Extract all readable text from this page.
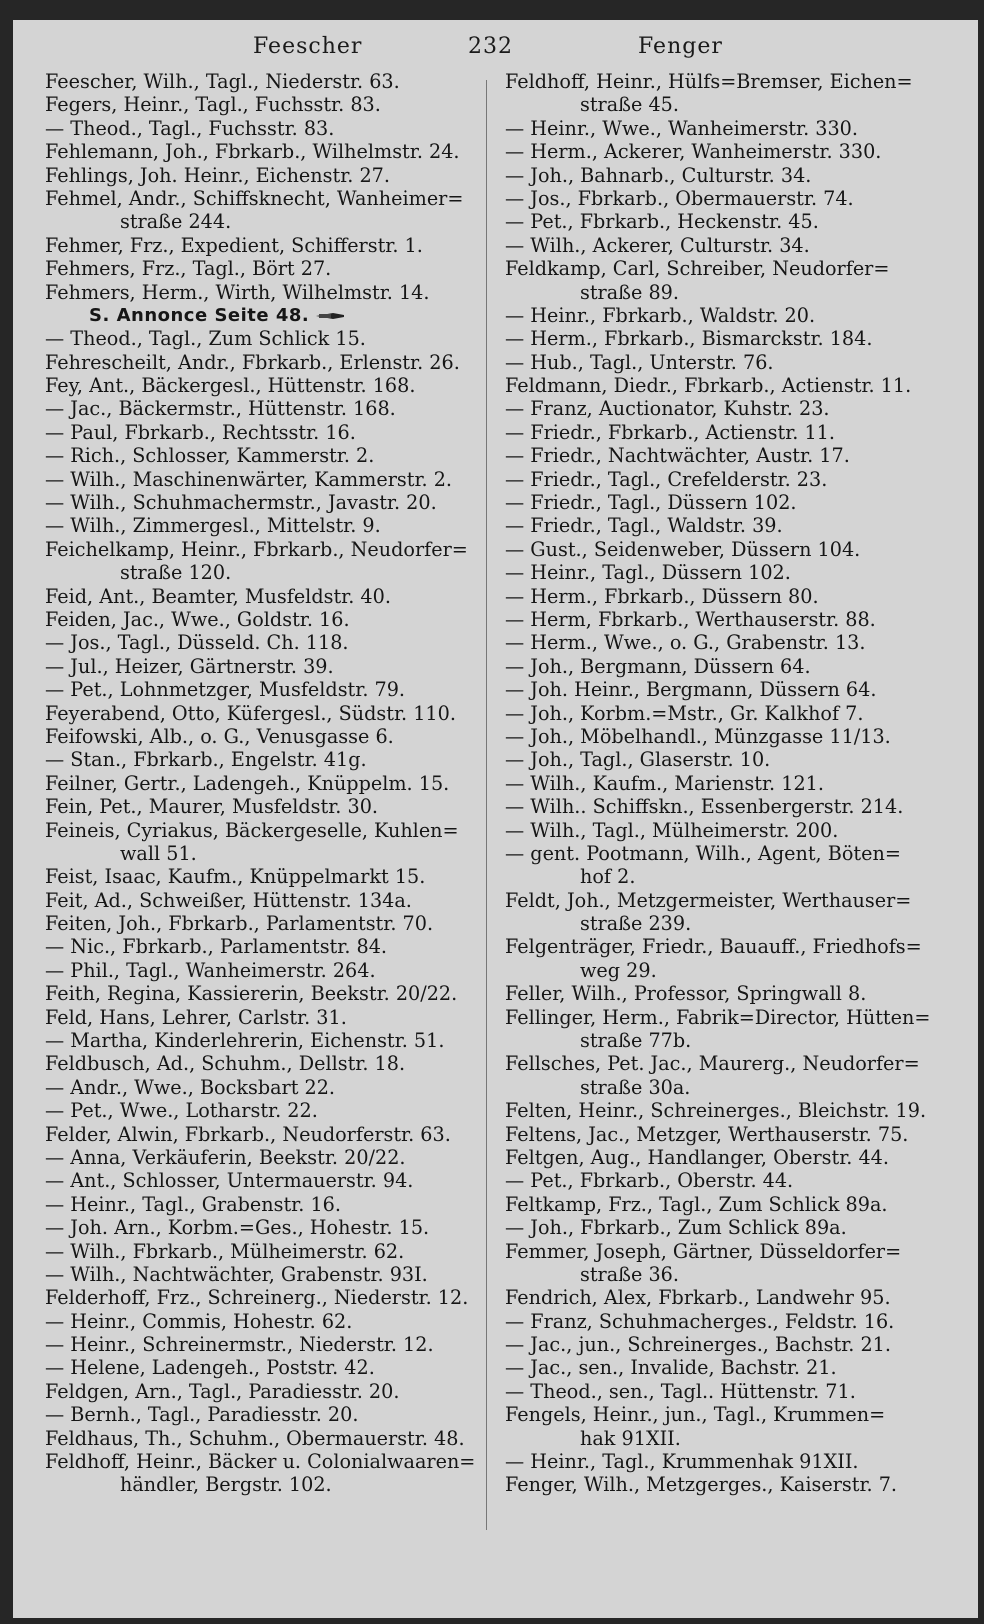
Feescher	232	Fenger
Feescher, Wilh., Tagl., Niederstr. 63.
Fegers, Heinr., Tagl., Fuchsstr. 83.
— Theod., Tagl., Fuchsstr. 83.
Fehlemann, Joh., Fbrkarb., Wilhelmstr. 24.
Fehlings, Joh. Heinr., Eichenstr. 27.
Fehmel, Andr., Schiffsknecht, Wanheimer=
straße 244.
Fehmer, Frz., Expedient, Schifferstr. 1.
Fehmers, Frz., Tagl., Bört 27.
Fehmers, Herm., Wirth, Wilhelmstr. 14.
S. Annonce Seite 48.
— Theod., Tagl., Zum Schlick 15.
Fehrescheilt, Andr., Fbrkarb., Erlenstr. 26.
Fey, Ant., Bäckergesl., Hüttenstr. 168.
— Jac., Bäckermstr., Hüttenstr. 168.
— Paul, Fbrkarb., Rechtsstr. 16.
— Rich., Schlosser, Kammerstr. 2.
— Wilh., Maschinenwärter, Kammerstr. 2.
— Wilh., Schuhmachermstr., Javastr. 20.
— Wilh., Zimmergesl., Mittelstr. 9.
Feichelkamp, Heinr., Fbrkarb., Neudorfer=
straße 120.
Feid, Ant., Beamter, Musfeldstr. 40.
Feiden, Jac., Wwe., Goldstr. 16.
— Jos., Tagl., Düsseld. Ch. 118.
— Jul., Heizer, Gärtnerstr. 39.
— Pet., Lohnmetzger, Musfeldstr. 79.
Feyerabend, Otto, Küfergesl., Südstr. 110.
Feifowski, Alb., o. G., Venusgasse 6.
— Stan., Fbrkarb., Engelstr. 41g.
Feilner, Gertr., Ladengeh., Knüppelm. 15.
Fein, Pet., Maurer, Musfeldstr. 30.
Feineis, Cyriakus, Bäckergeselle, Kuhlen=
wall 51.
Feist, Isaac, Kaufm., Knüppelmarkt 15.
Feit, Ad., Schweißer, Hüttenstr. 134a.
Feiten, Joh., Fbrkarb., Parlamentstr. 70.
— Nic., Fbrkarb., Parlamentstr. 84.
— Phil., Tagl., Wanheimerstr. 264.
Feith, Regina, Kassiererin, Beekstr. 20/22.
Feld, Hans, Lehrer, Carlstr. 31.
— Martha, Kinderlehrerin, Eichenstr. 51.
Feldbusch, Ad., Schuhm., Dellstr. 18.
— Andr., Wwe., Bocksbart 22.
— Pet., Wwe., Lotharstr. 22.
Felder, Alwin, Fbrkarb., Neudorferstr. 63.
— Anna, Verkäuferin, Beekstr. 20/22.
— Ant., Schlosser, Untermauerstr. 94.
— Heinr., Tagl., Grabenstr. 16.
— Joh. Arn., Korbm.=Ges., Hohestr. 15.
— Wilh., Fbrkarb., Mülheimerstr. 62.
— Wilh., Nachtwächter, Grabenstr. 93I.
Felderhoff, Frz., Schreinerg., Niederstr. 12.
— Heinr., Commis, Hohestr. 62.
— Heinr., Schreinermstr., Niederstr. 12.
— Helene, Ladengeh., Poststr. 42.
Feldgen, Arn., Tagl., Paradiesstr. 20.
— Bernh., Tagl., Paradiesstr. 20.
Feldhaus, Th., Schuhm., Obermauerstr. 48.
Feldhoff, Heinr., Bäcker u. Colonialwaaren=
händler, Bergstr. 102.
Feldhoff, Heinr., Hülfs=Bremser, Eichen=
straße 45.
— Heinr., Wwe., Wanheimerstr. 330.
— Herm., Ackerer, Wanheimerstr. 330.
— Joh., Bahnarb., Culturstr. 34.
— Jos., Fbrkarb., Obermauerstr. 74.
— Pet., Fbrkarb., Heckenstr. 45.
— Wilh., Ackerer, Culturstr. 34.
Feldkamp, Carl, Schreiber, Neudorfer=
straße 89.
— Heinr., Fbrkarb., Waldstr. 20.
— Herm., Fbrkarb., Bismarckstr. 184.
— Hub., Tagl., Unterstr. 76.
Feldmann, Diedr., Fbrkarb., Actienstr. 11.
— Franz, Auctionator, Kuhstr. 23.
— Friedr., Fbrkarb., Actienstr. 11.
— Friedr., Nachtwächter, Austr. 17.
— Friedr., Tagl., Crefelderstr. 23.
— Friedr., Tagl., Düssern 102.
— Friedr., Tagl., Waldstr. 39.
— Gust., Seidenweber, Düssern 104.
— Heinr., Tagl., Düssern 102.
— Herm., Fbrkarb., Düssern 80.
— Herm, Fbrkarb., Werthauserstr. 88.
— Herm., Wwe., o. G., Grabenstr. 13.
— Joh., Bergmann, Düssern 64.
— Joh. Heinr., Bergmann, Düssern 64.
— Joh., Korbm.=Mstr., Gr. Kalkhof 7.
— Joh., Möbelhandl., Münzgasse 11/13.
— Joh., Tagl., Glaserstr. 10.
— Wilh., Kaufm., Marienstr. 121.
— Wilh.. Schiffskn., Essenbergerstr. 214.
— Wilh., Tagl., Mülheimerstr. 200.
— gent. Pootmann, Wilh., Agent, Böten=
hof 2.
Feldt, Joh., Metzgermeister, Werthauser=
straße 239.
Felgenträger, Friedr., Bauauff., Friedhofs=
weg 29.
Feller, Wilh., Professor, Springwall 8.
Fellinger, Herm., Fabrik=Director, Hütten=
straße 77b.
Fellsches, Pet. Jac., Maurerg., Neudorfer=
straße 30a.
Felten, Heinr., Schreinerges., Bleichstr. 19.
Feltens, Jac., Metzger, Werthauserstr. 75.
Feltgen, Aug., Handlanger, Oberstr. 44.
— Pet., Fbrkarb., Oberstr. 44.
Feltkamp, Frz., Tagl., Zum Schlick 89a.
— Joh., Fbrkarb., Zum Schlick 89a.
Femmer, Joseph, Gärtner, Düsseldorfer=
straße 36.
Fendrich, Alex, Fbrkarb., Landwehr 95.
— Franz, Schuhmacherges., Feldstr. 16.
— Jac., jun., Schreinerges., Bachstr. 21.
— Jac., sen., Invalide, Bachstr. 21.
— Theod., sen., Tagl.. Hüttenstr. 71.
Fengels, Heinr., jun., Tagl., Krummen=
hak 91XII.
— Heinr., Tagl., Krummenhak 91XII.
Fenger, Wilh., Metzgerges., Kaiserstr. 7.
